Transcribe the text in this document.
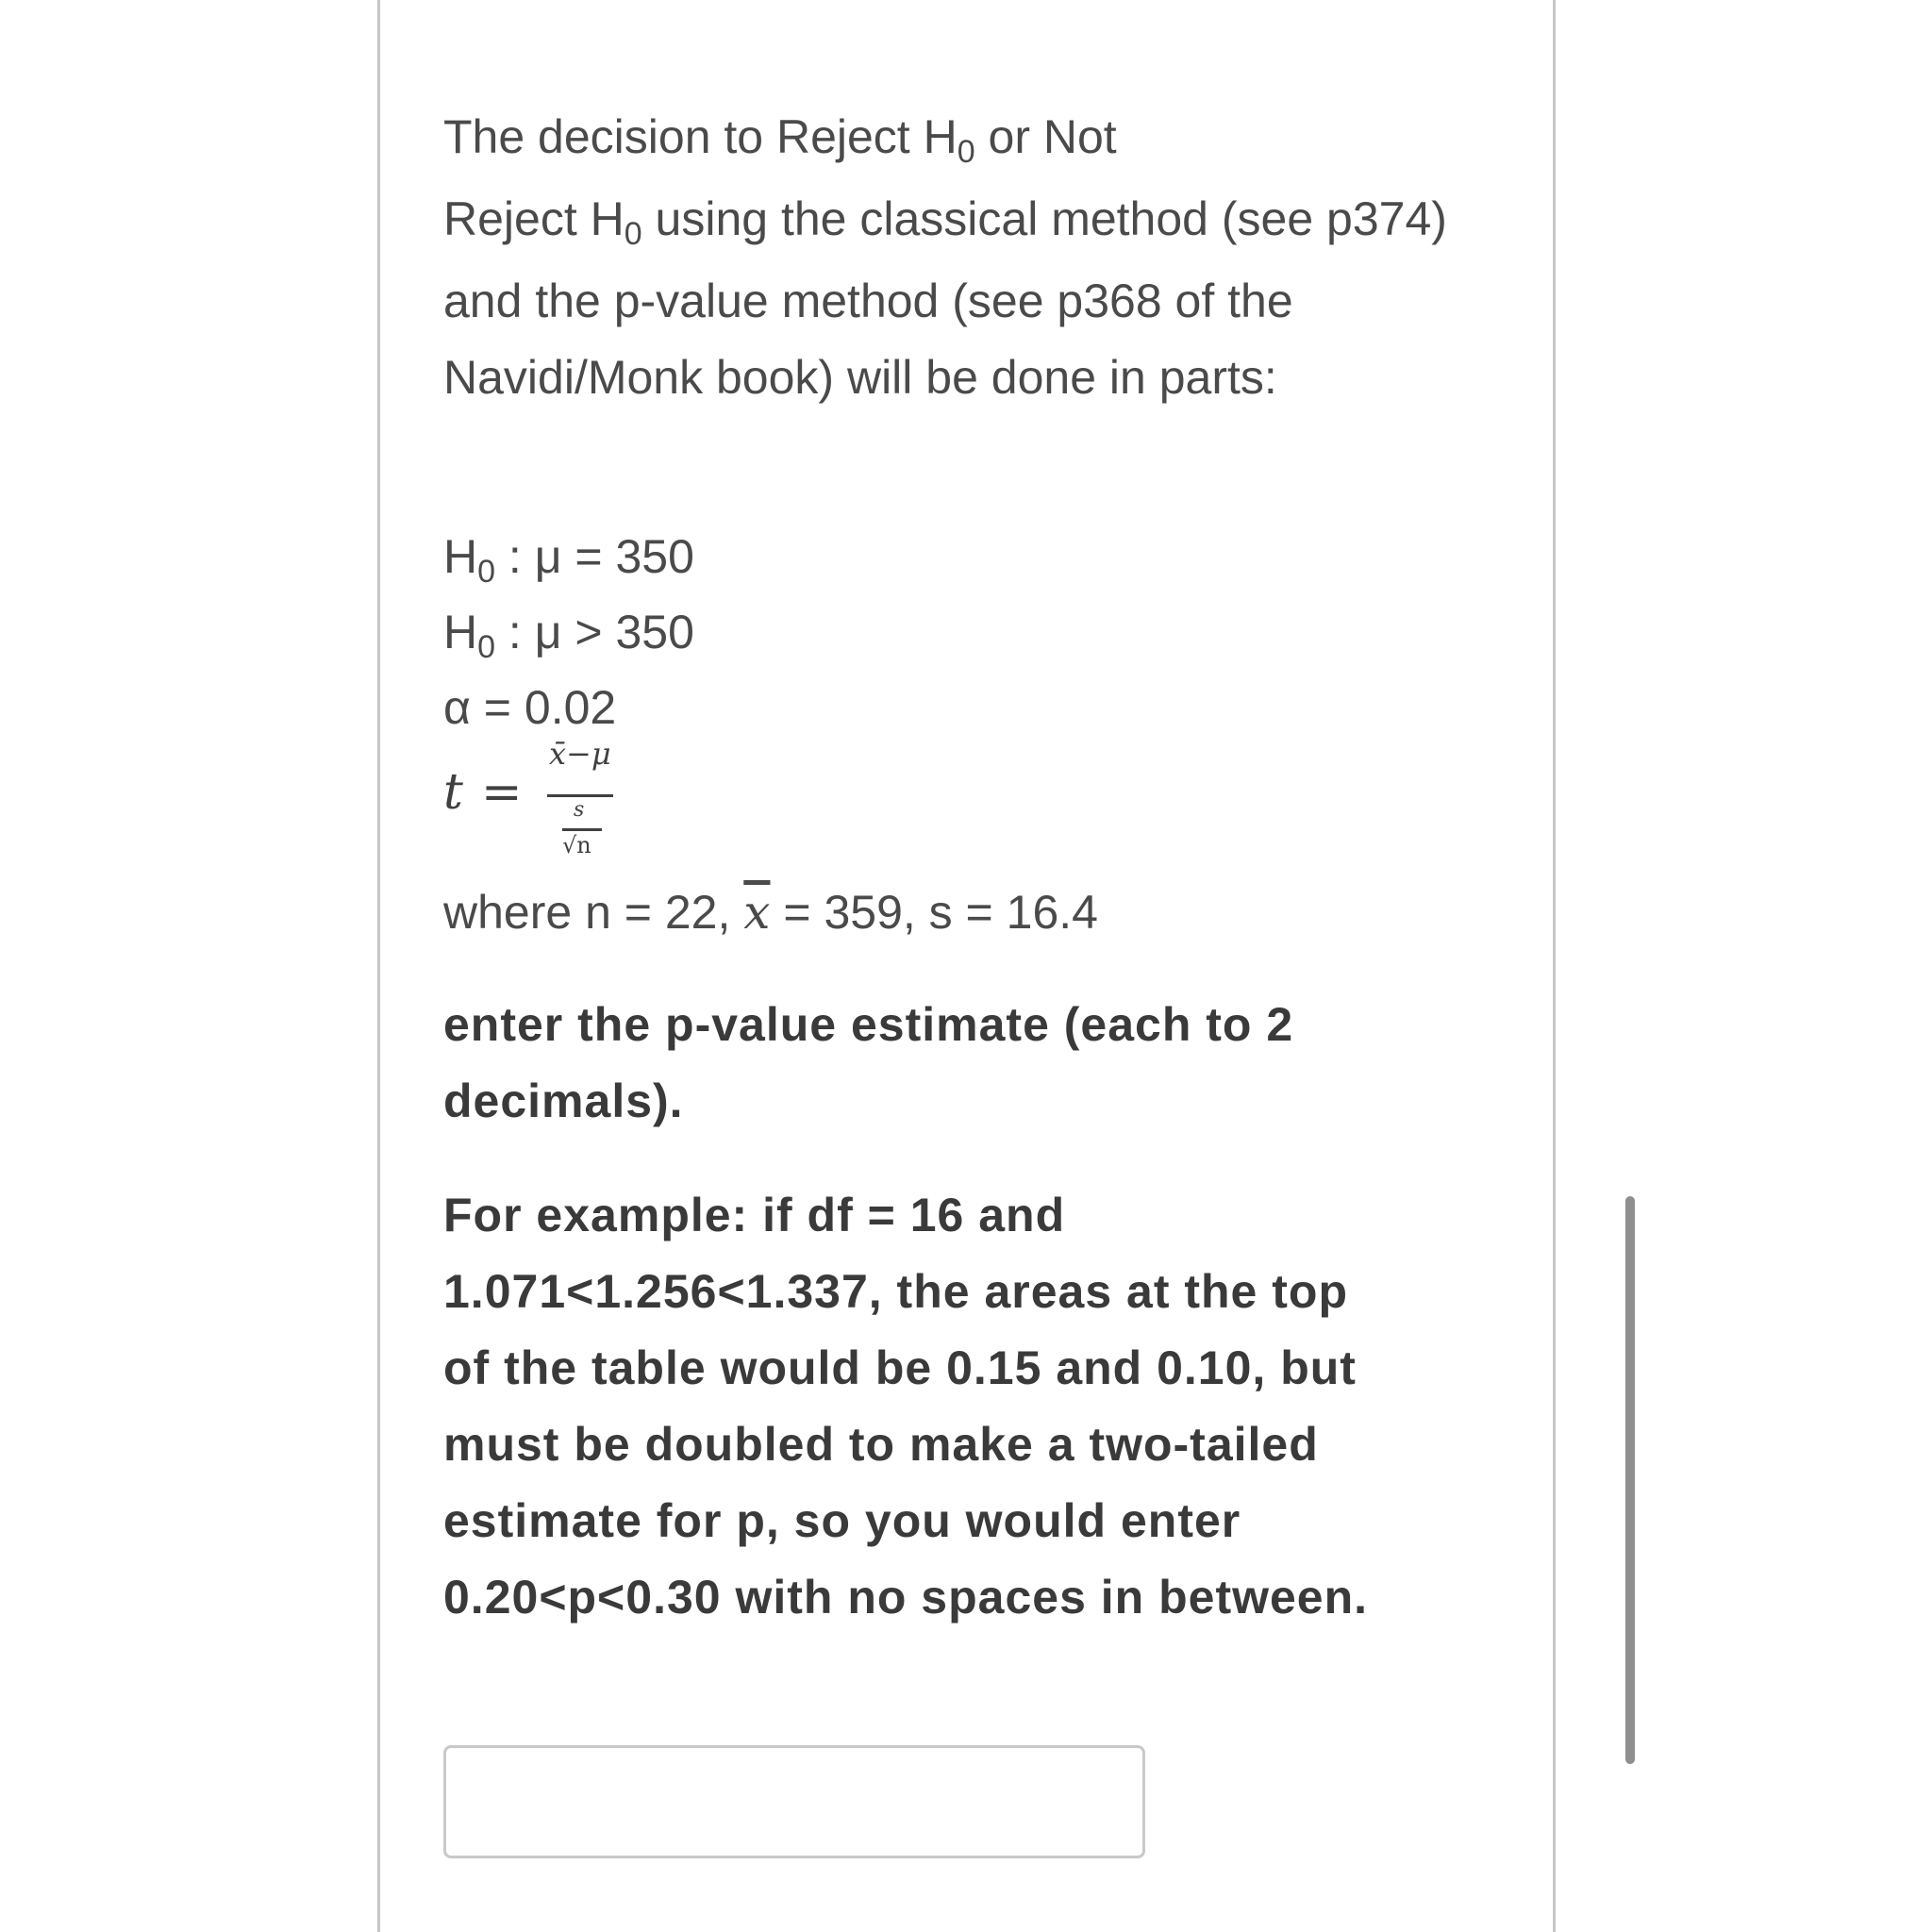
The decision to Reject $H_0$ or Not
Reject $H_0$ using the classical method (see p374)
and the p-value method (see p368 of the
Navidi/Monk book) will be done in parts:
$H_0$ : μ = 350
$H_0$ : μ > 350
α = 0.02
t =
x̄−μ
s
√n
where n = 22, $\overline{x} = 359$, s = 16.4
enter the p-value estimate (each to 2
decimals).
For example: if df = 16 and
1.071<1.256<1.337, the areas at the top
of the table would be 0.15 and 0.10, but
must be doubled to make a two-tailed
estimate for p, so you would enter
0.20<p<0.30 with no spaces in between.
